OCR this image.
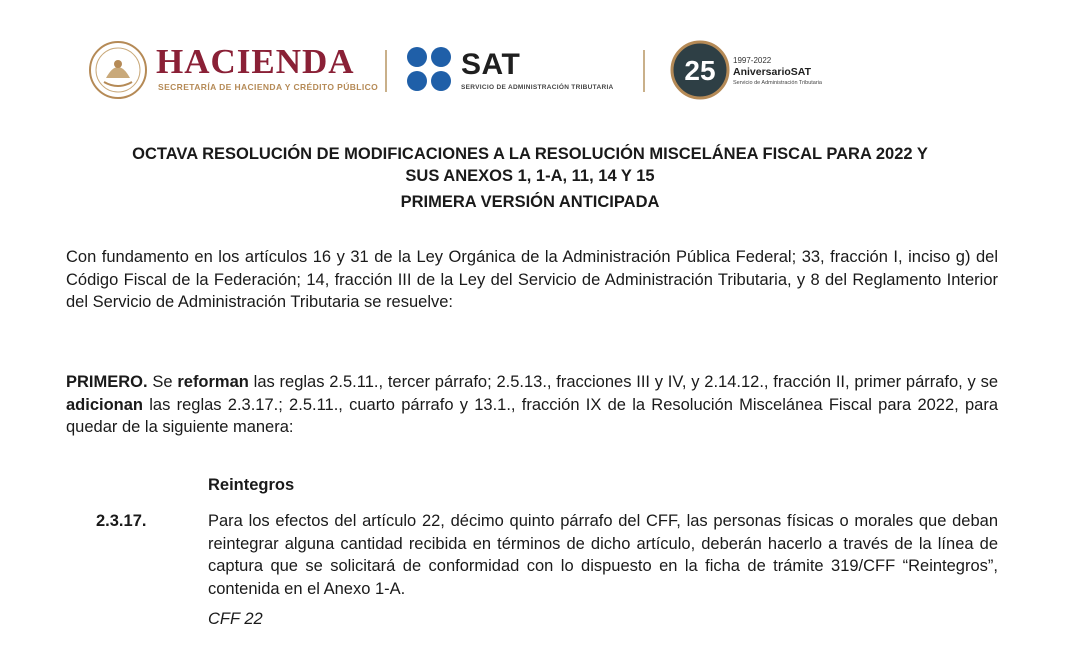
HACIENDA
SECRETARÍA DE HACIENDA Y CRÉDITO PÚBLICO
SAT
SERVICIO DE ADMINISTRACIÓN TRIBUTARIA
25 1997-2022
AniversarioSAT
Servicio de Administración Tributaria
OCTAVA RESOLUCIÓN DE MODIFICACIONES A LA RESOLUCIÓN MISCELÁNEA FISCAL PARA 2022 Y
SUS ANEXOS 1, 1-A, 11, 14 Y 15
PRIMERA VERSIÓN ANTICIPADA

Con fundamento en los artículos 16 y 31 de la Ley Orgánica de la Administración Pública Federal; 33, fracción I, inciso g) del Código Fiscal de la Federación; 14, fracción III de la Ley del Servicio de Administración Tributaria, y 8 del Reglamento Interior del Servicio de Administración Tributaria se resuelve:

PRIMERO. Se reforman las reglas 2.5.11., tercer párrafo; 2.5.13., fracciones III y IV, y 2.14.12., fracción II, primer párrafo, y se adicionan las reglas 2.3.17.; 2.5.11., cuarto párrafo y 13.1., fracción IX de la Resolución Miscelánea Fiscal para 2022, para quedar de la siguiente manera:

Reintegros

2.3.17.	Para los efectos del artículo 22, décimo quinto párrafo del CFF, las personas físicas o morales que deban reintegrar alguna cantidad recibida en términos de dicho artículo, deberán hacerlo a través de la línea de captura que se solicitará de conformidad con lo dispuesto en la ficha de trámite 319/CFF “Reintegros”, contenida en el Anexo 1-A.

CFF 22
